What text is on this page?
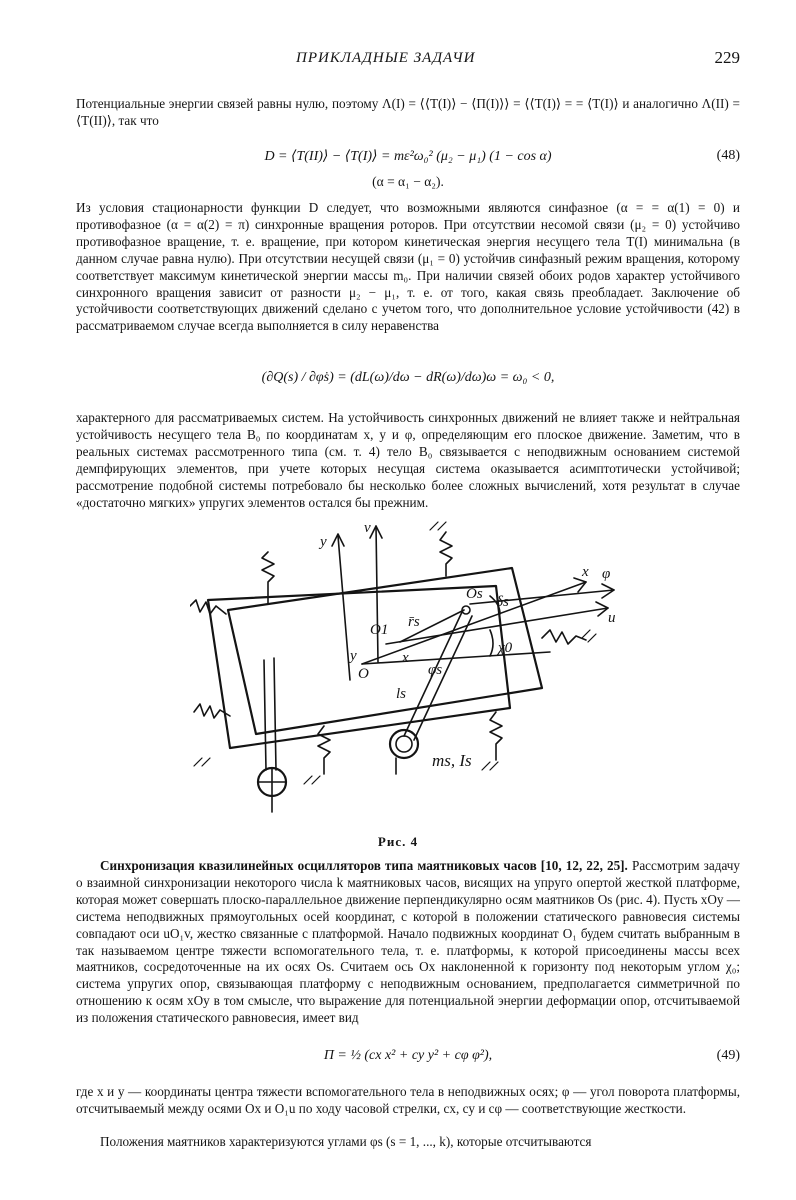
ПРИКЛАДНЫЕ ЗАДАЧИ	229

Потенциальные энергии связей равны нулю, поэтому Λ(I) = ⟨⟨T(I)⟩ − ⟨Π(I)⟩⟩ = ⟨⟨T(I)⟩ = = ⟨T(I)⟩ и аналогично Λ(II) = ⟨T(II)⟩, так что

D = ⟨T(II)⟩ − ⟨T(I)⟩ = mε²ω₀² (μ₂ − μ₁) (1 − cos α)	(48)
(α = α₁ − α₂).

Из условия стационарности функции D следует, что возможными являются синфазное (α = = α(1) = 0) и противофазное (α = α(2) = π) синхронные вращения роторов. При отсутствии несомой связи (μ₂ = 0) устойчиво противофазное вращение, т. е. вращение, при котором кинетическая энергия несущего тела T(I) минимальна (в данном случае равна нулю). При отсутствии несущей связи (μ₁ = 0) устойчив синфазный режим вращения, которому соответствует максимум кинетической энергии массы m₀. При наличии связей обоих родов характер устойчивого синхронного вращения зависит от разности μ₂ − μ₁, т. е. от того, какая связь преобладает. Заключение об устойчивости соответствующих движений сделано с учетом того, что дополнительное условие устойчивости (42) в рассматриваемом случае всегда выполняется в силу неравенства

(∂Q(s) / ∂φ̇s) = (dL(ω)/dω − dR(ω)/dω)ω = ω₀ < 0,

характерного для рассматриваемых систем. На устойчивость синхронных движений не влияет также и нейтральная устойчивость несущего тела B₀ по координатам x, y и φ, определяющим его плоское движение. Заметим, что в реальных системах рассмотренного типа (см. т. 4) тело B₀ связывается с неподвижным основанием системой демпфирующих элементов, при учете которых несущая система оказывается асимптотически устойчивой; рассмотрение подобной системы потребовало бы несколько более сложных вычислений, хотя результат в случае «достаточно мягких» упругих элементов остался бы прежним.

y
v
x φ
u
δs
Os
O1 r̄s
χ0
y
O
x
φs
ls
ms, Is
Рис. 4

Синхронизация квазилинейных осцилляторов типа маятниковых часов [10, 12, 22, 25]. Рассмотрим задачу о взаимной синхронизации некоторого числа k маятниковых часов, висящих на упруго опертой жесткой платформе, которая может совершать плоско-параллельное движение перпендикулярно осям маятников Os (рис. 4). Пусть xOy — система неподвижных прямоугольных осей координат, с которой в положении статического равновесия системы совпадают оси uO₁v, жестко связанные с платформой. Начало подвижных координат O₁ будем считать выбранным в так называемом центре тяжести вспомогательного тела, т. е. платформы, к которой присоединены массы всех маятников, сосредоточенные на их осях Os. Считаем ось Ox наклоненной к горизонту под некоторым углом χ₀; система упругих опор, связывающая платформу с неподвижным основанием, предполагается симметричной по отношению к осям xOy в том смысле, что выражение для потенциальной энергии деформации опор, отсчитываемой из положения статического равновесия, имеет вид

Π = ½ (cx x² + cy y² + cφ φ²),	(49)

где x и y — координаты центра тяжести вспомогательного тела в неподвижных осях; φ — угол поворота платформы, отсчитываемый между осями Ox и O₁u по ходу часовой стрелки, cx, cy и cφ — соответствующие жесткости.

Положения маятников характеризуются углами φs (s = 1, ..., k), которые отсчитываются
